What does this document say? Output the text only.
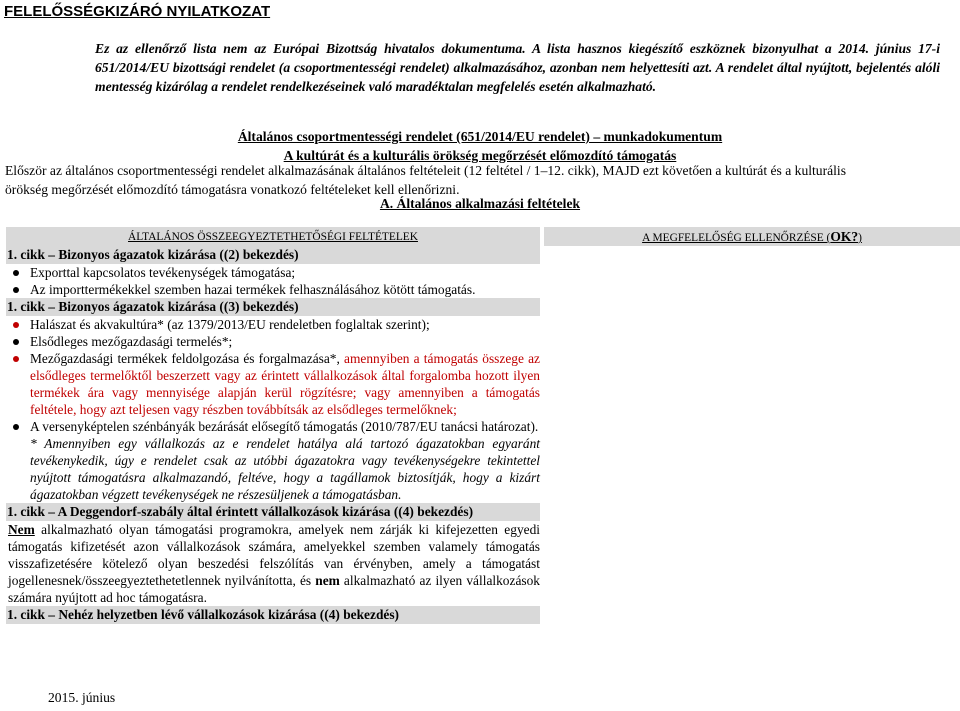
FELELŐSSÉGKIZÁRÓ NYILATKOZAT
Ez az ellenőrző lista nem az Európai Bizottság hivatalos dokumentuma. A lista hasznos kiegészítő eszköznek bizonyulhat a 2014. június 17-i 651/2014/EU bizottsági rendelet (a csoportmentességi rendelet) alkalmazásához, azonban nem helyettesíti azt. A rendelet által nyújtott, bejelentés alóli mentesség kizárólag a rendelet rendelkezéseinek való maradéktalan megfelelés esetén alkalmazható.
Általános csoportmentességi rendelet (651/2014/EU rendelet) – munkadokumentum
A kultúrát és a kulturális örökség megőrzését előmozdító támogatás
Először az általános csoportmentességi rendelet alkalmazásának általános feltételeit (12 feltétel / 1–12. cikk), MAJD ezt követően a kultúrát és a kulturális örökség megőrzését előmozdító támogatásra vonatkozó feltételeket kell ellenőrizni.
A. Általános alkalmazási feltételek
ÁLTALÁNOS ÖSSZEEGYEZTETHETŐSÉGI FELTÉTELEK	A MEGFELELŐSÉG ELLENŐRZÉSE (OK?)
1. cikk – Bizonyos ágazatok kizárása ((2) bekezdés)
Exporttal kapcsolatos tevékenységek támogatása;
Az importtermékekkel szemben hazai termékek felhasználásához kötött támogatás.
1. cikk – Bizonyos ágazatok kizárása ((3) bekezdés)
Halászat és akvakultúra* (az 1379/2013/EU rendeletben foglaltak szerint);
Elsődleges mezőgazdasági termelés*;
Mezőgazdasági termékek feldolgozása és forgalmazása*, amennyiben a támogatás összege az elsődleges termelőktől beszerzett vagy az érintett vállalkozások által forgalomba hozott ilyen termékek ára vagy mennyisége alapján kerül rögzítésre; vagy amennyiben a támogatás feltétele, hogy azt teljesen vagy részben továbbítsák az elsődleges termelőknek;
A versenyképtelen szénbányák bezárását elősegítő támogatás (2010/787/EU tanácsi határozat).
* Amennyiben egy vállalkozás az e rendelet hatálya alá tartozó ágazatokban egyaránt tevékenykedik, úgy e rendelet csak az utóbbi ágazatokra vagy tevékenységekre tekintettel nyújtott támogatásra alkalmazandó, feltéve, hogy a tagállamok biztosítják, hogy a kizárt ágazatokban végzett tevékenységek ne részesüljenek a támogatásban.
1. cikk – A Deggendorf-szabály által érintett vállalkozások kizárása ((4) bekezdés)
Nem alkalmazható olyan támogatási programokra, amelyek nem zárják ki kifejezetten egyedi támogatás kifizetését azon vállalkozások számára, amelyekkel szemben valamely támogatás visszafizetésére kötelező olyan beszedési felszólítás van érvényben, amely a támogatást jogellenesnek/összeegyeztethetetlennek nyilvánította, és nem alkalmazható az ilyen vállalkozások számára nyújtott ad hoc támogatásra.
1. cikk – Nehéz helyzetben lévő vállalkozások kizárása ((4) bekezdés)
2015. június
